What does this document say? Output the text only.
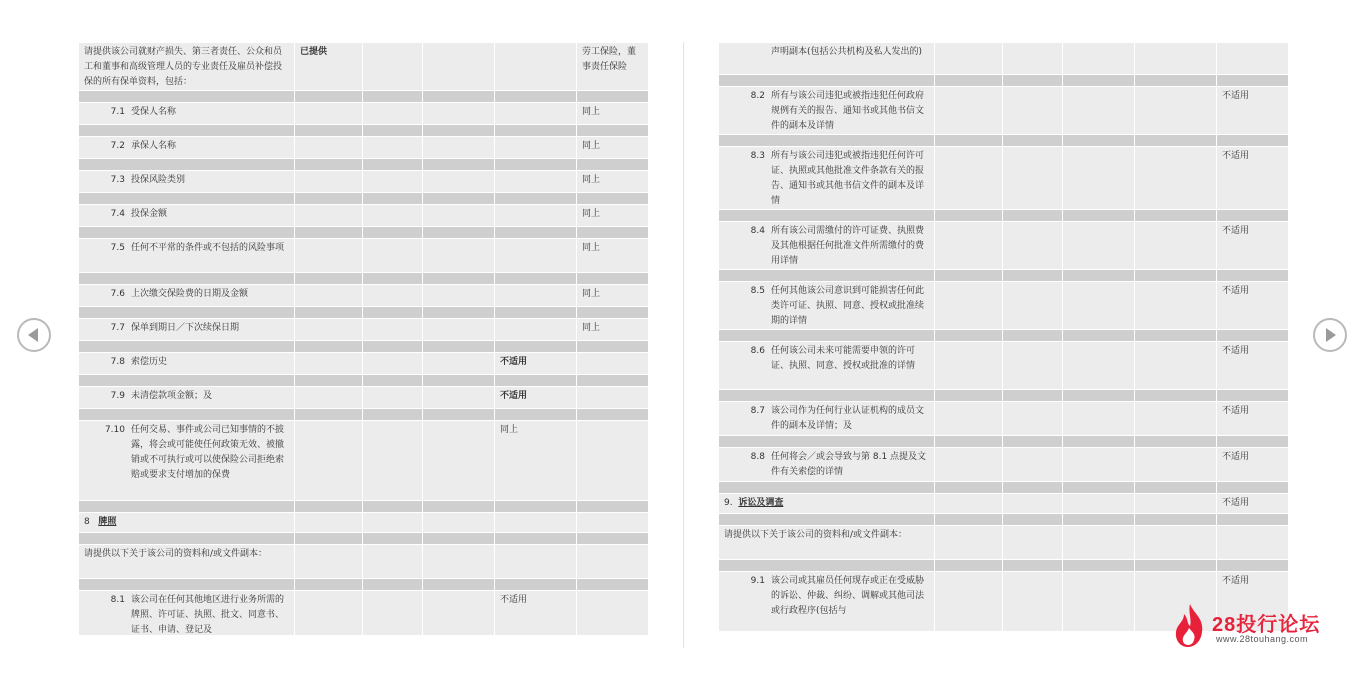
请提供该公司就财产损失、第三者责任、公众和员工和董事和高级管理人员的专业责任及雇员补偿投保的所有保单资料，包括：	已提供				劳工保险，董事责任保险

7.1 受保人名称					同上

7.2 承保人名称					同上

7.3 投保风险类别					同上

7.4 投保金额					同上

7.5 任何不平常的条件或不包括的风险事项					同上

7.6 上次缴交保险费的日期及金额					同上

7.7 保单到期日／下次续保日期					同上

7.8 索偿历史				不适用	

7.9 未清偿款项金额；及				不适用	

7.10 任何交易、事件或公司已知事情的不披露，将会或可能使任何政策无效、被撤销或不可执行或可以使保险公司拒绝索赔或要求支付增加的保费				同上	

8 牌照					

请提供以下关于该公司的资料和/或文件副本：					

8.1 该公司在任何其他地区进行业务所需的牌照、许可证、执照、批文、同意书、证书、申请、登记及				不适用	
声明副本(包括公共机构及私人发出的)					

8.2 所有与该公司违犯或被指违犯任何政府规例有关的报告、通知书或其他书信文件的副本及详情					不适用

8.3 所有与该公司违犯或被指违犯任何许可证、执照或其他批准文件条款有关的报告、通知书或其他书信文件的副本及详情					不适用

8.4 所有该公司需缴付的许可证费、执照费及其他根据任何批准文件所需缴付的费用详情					不适用

8.5 任何其他该公司意识到可能损害任何此类许可证、执照、同意、授权或批准续期的详情					不适用

8.6 任何该公司未来可能需要申领的许可证、执照、同意、授权或批准的详情					不适用

8.7 该公司作为任何行业认证机构的成员文件的副本及详情；及					不适用

8.8 任何将会／或会导致与第 8.1 点提及文件有关索偿的详情					不适用

9. 诉讼及调查					不适用

请提供以下关于该公司的资料和/或文件副本：					

9.1 该公司或其雇员任何现存或正在受威胁的诉讼、仲裁、纠纷、调解或其他司法或行政程序(包括与					不适用
28投行论坛
www.28touhang.com
